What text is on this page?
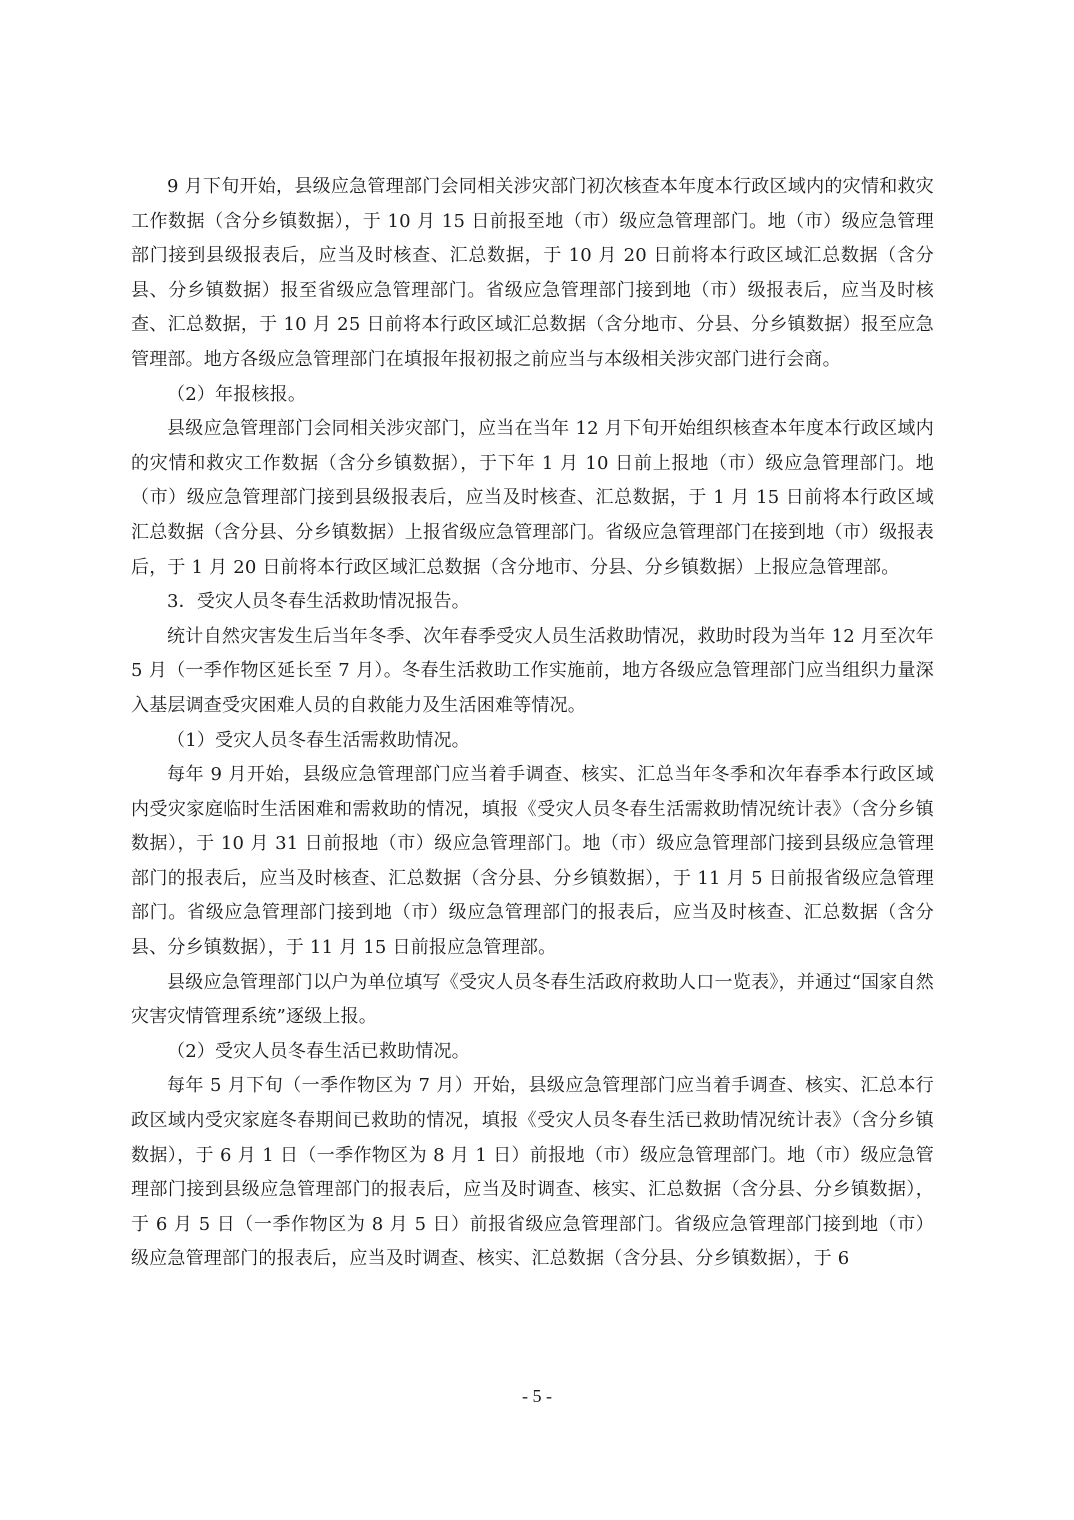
9 月下旬开始，县级应急管理部门会同相关涉灾部门初次核查本年度本行政区域内的灾情和救灾工作数据（含分乡镇数据），于 10 月 15 日前报至地（市）级应急管理部门。地（市）级应急管理部门接到县级报表后，应当及时核查、汇总数据，于 10 月 20 日前将本行政区域汇总数据（含分县、分乡镇数据）报至省级应急管理部门。省级应急管理部门接到地（市）级报表后，应当及时核查、汇总数据，于 10 月 25 日前将本行政区域汇总数据（含分地市、分县、分乡镇数据）报至应急管理部。地方各级应急管理部门在填报年报初报之前应当与本级相关涉灾部门进行会商。

（2）年报核报。

县级应急管理部门会同相关涉灾部门，应当在当年 12 月下旬开始组织核查本年度本行政区域内的灾情和救灾工作数据（含分乡镇数据），于下年 1 月 10 日前上报地（市）级应急管理部门。地（市）级应急管理部门接到县级报表后，应当及时核查、汇总数据，于 1 月 15 日前将本行政区域汇总数据（含分县、分乡镇数据）上报省级应急管理部门。省级应急管理部门在接到地（市）级报表后，于 1 月 20 日前将本行政区域汇总数据（含分地市、分县、分乡镇数据）上报应急管理部。

3．受灾人员冬春生活救助情况报告。

统计自然灾害发生后当年冬季、次年春季受灾人员生活救助情况，救助时段为当年 12 月至次年 5 月（一季作物区延长至 7 月）。冬春生活救助工作实施前，地方各级应急管理部门应当组织力量深入基层调查受灾困难人员的自救能力及生活困难等情况。

（1）受灾人员冬春生活需救助情况。

每年 9 月开始，县级应急管理部门应当着手调查、核实、汇总当年冬季和次年春季本行政区域内受灾家庭临时生活困难和需救助的情况，填报《受灾人员冬春生活需救助情况统计表》（含分乡镇数据），于 10 月 31 日前报地（市）级应急管理部门。地（市）级应急管理部门接到县级应急管理部门的报表后，应当及时核查、汇总数据（含分县、分乡镇数据），于 11 月 5 日前报省级应急管理部门。省级应急管理部门接到地（市）级应急管理部门的报表后，应当及时核查、汇总数据（含分县、分乡镇数据），于 11 月 15 日前报应急管理部。

县级应急管理部门以户为单位填写《受灾人员冬春生活政府救助人口一览表》，并通过“国家自然灾害灾情管理系统”逐级上报。

（2）受灾人员冬春生活已救助情况。

每年 5 月下旬（一季作物区为 7 月）开始，县级应急管理部门应当着手调查、核实、汇总本行政区域内受灾家庭冬春期间已救助的情况，填报《受灾人员冬春生活已救助情况统计表》（含分乡镇数据），于 6 月 1 日（一季作物区为 8 月 1 日）前报地（市）级应急管理部门。地（市）级应急管理部门接到县级应急管理部门的报表后，应当及时调查、核实、汇总数据（含分县、分乡镇数据），于 6 月 5 日（一季作物区为 8 月 5 日）前报省级应急管理部门。省级应急管理部门接到地（市）级应急管理部门的报表后，应当及时调查、核实、汇总数据（含分县、分乡镇数据），于 6

- 5 -
